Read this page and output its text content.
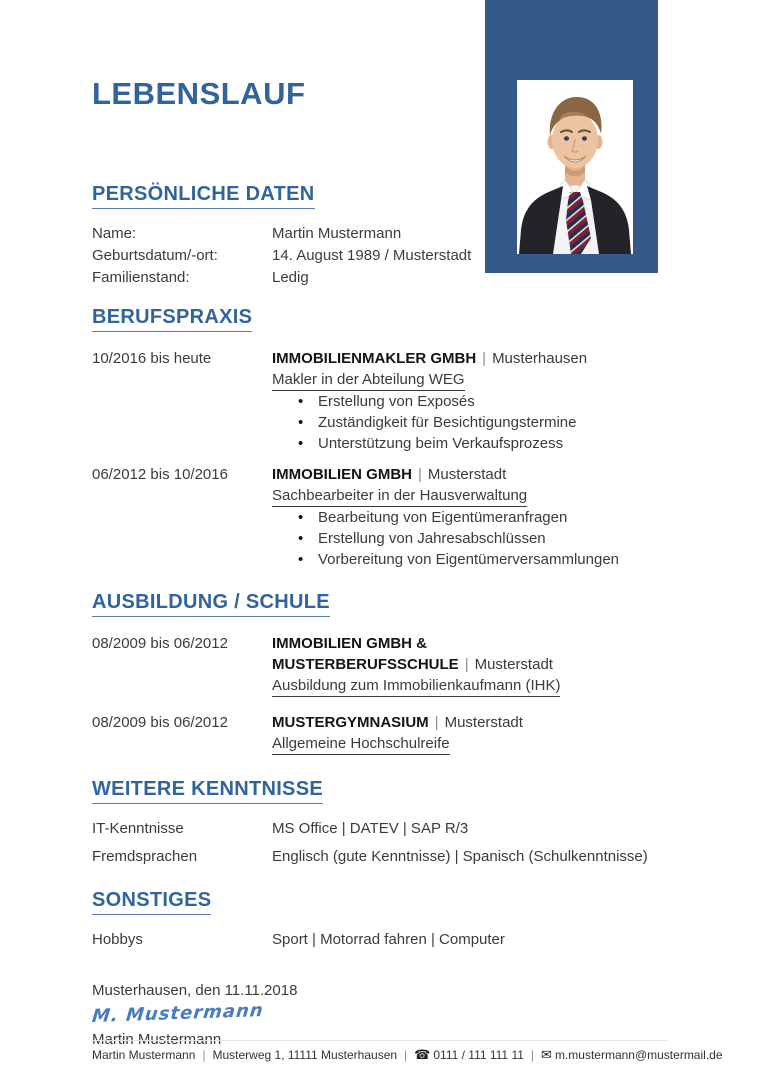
LEBENSLAUF
PERSÖNLICHE DATEN
Name:	Martin Mustermann
Geburtsdatum/-ort:	14. August 1989 / Musterstadt
Familienstand:	Ledig
BERUFSPRAXIS
10/2016 bis heute	IMMOBILIENMAKLER GMBH | Musterhausen
Makler in der Abteilung WEG
• Erstellung von Exposés
• Zuständigkeit für Besichtigungstermine
• Unterstützung beim Verkaufsprozess
06/2012 bis 10/2016	IMMOBILIEN GMBH | Musterstadt
Sachbearbeiter in der Hausverwaltung
• Bearbeitung von Eigentümeranfragen
• Erstellung von Jahresabschlüssen
• Vorbereitung von Eigentümerversammlungen
AUSBILDUNG / SCHULE
08/2009 bis 06/2012	IMMOBILIEN GMBH & MUSTERBERUFSSCHULE | Musterstadt
Ausbildung zum Immobilienkaufmann (IHK)
08/2009 bis 06/2012	MUSTERGYMNASIUM | Musterstadt
Allgemeine Hochschulreife
WEITERE KENNTNISSE
IT-Kenntnisse	MS Office | DATEV | SAP R/3
Fremdsprachen	Englisch (gute Kenntnisse) | Spanisch (Schulkenntnisse)
SONSTIGES
Hobbys	Sport | Motorrad fahren | Computer
Musterhausen, den 11.11.2018
M. Mustermann
Martin Mustermann
Martin Mustermann | Musterweg 1, 11111 Musterhausen | ☎ 0111 / 111 111 11 | ✉ m.mustermann@mustermail.de
